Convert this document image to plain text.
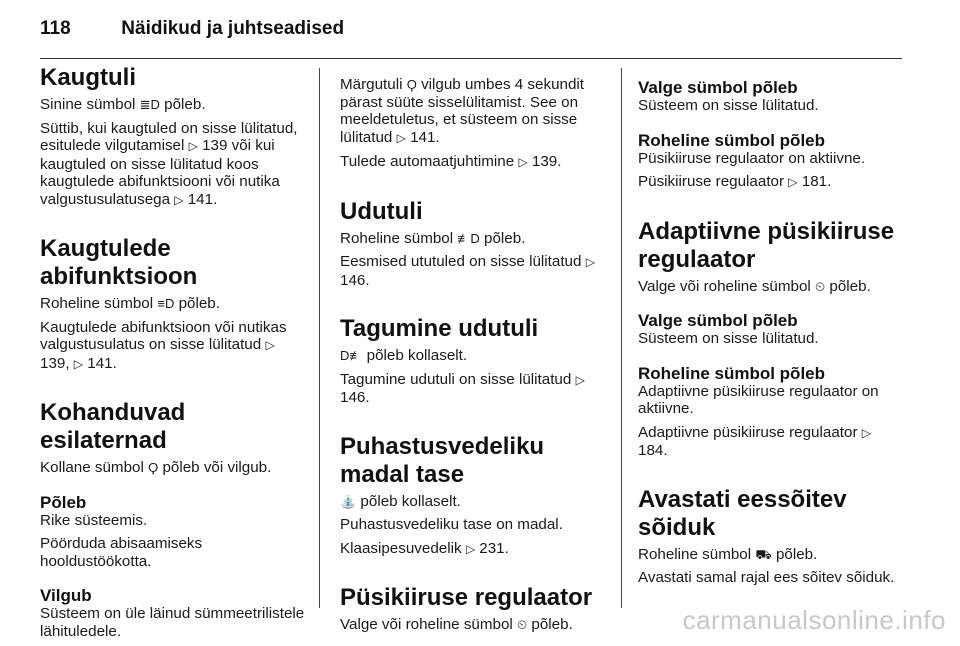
118	Näidikud ja juhtseadised
Kaugtuli

Sinine sümbol ≣D põleb.

Süttib, kui kaugtuled on sisse lülitatud, esitulede vilgutamisel ▷ 139 või kui kaugtuled on sisse lülitatud koos kaugtulede abifunktsiooni või nutika valgustusulatusega ▷ 141.

Kaugtulede abifunktsioon

Roheline sümbol ≡D põleb.

Kaugtulede abifunktsioon või nutikas valgustusulatus on sisse lülitatud ▷ 139, ▷ 141.

Kohanduvad esilaternad

Kollane sümbol Ϙ põleb või vilgub.

Põleb

Rike süsteemis.

Pöörduda abisaamiseks hooldustöökotta.

Vilgub

Süsteem on üle läinud sümmeetrilistele lähituledele.

Märgutuli Ϙ vilgub umbes 4 sekundit pärast süüte sisselülitamist. See on meeldetuletus, et süsteem on sisse lülitatud ▷ 141.

Tulede automaatjuhtimine ▷ 139.

Udutuli

Roheline sümbol ≢D põleb.

Eesmised ututuled on sisse lülitatud ▷ 146.

Tagumine udutuli

D≢ põleb kollaselt.

Tagumine udutuli on sisse lülitatud ▷ 146.

Puhastusvedeliku madal tase

⛲ põleb kollaselt.

Puhastusvedeliku tase on madal.

Klaasipesuvedelik ▷ 231.

Püsikiiruse regulaator

Valge või roheline sümbol ⏲ põleb.

Valge sümbol põleb

Süsteem on sisse lülitatud.

Roheline sümbol põleb

Püsikiiruse regulaator on aktiivne.

Püsikiiruse regulaator ▷ 181.

Adaptiivne püsikiiruse regulaator

Valge või roheline sümbol ⏲ põleb.

Valge sümbol põleb

Süsteem on sisse lülitatud.

Roheline sümbol põleb

Adaptiivne püsikiiruse regulaator on aktiivne.

Adaptiivne püsikiiruse regulaator ▷ 184.

Avastati eessõitev sõiduk

Roheline sümbol ⛟ põleb.

Avastati samal rajal ees sõitev sõiduk.

carmanualsonline.info
